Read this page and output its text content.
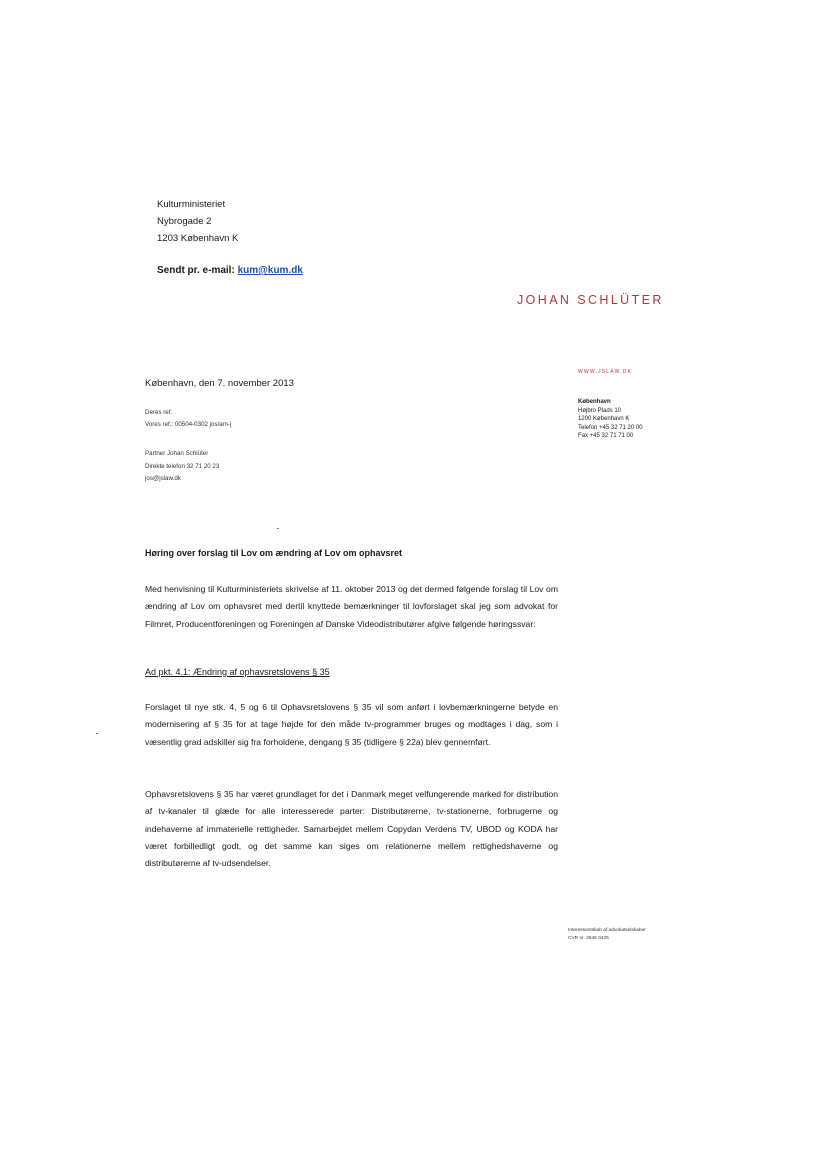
Kulturministeriet
Nybrogade 2
1203 København K
Sendt pr. e-mail: kum@kum.dk
JOHAN SCHLÜTER
WWW.JSLAW.DK
København
Højbro Plads 10
1200 København K
Telefon +45 32 71 20 00
Fax +45 32 71 71 00
København, den 7. november 2013
Deres ref.
Vores ref.: 00504-0302 jos/am-j
Partner Johan Schlüter
Direkte telefon 32 71 20 23
jos@jslaw.dk
Høring over forslag til Lov om ændring af Lov om ophavsret
Med henvisning til Kulturministeriets skrivelse af 11. oktober 2013 og det dermed følgende forslag til Lov om ændring af Lov om ophavsret med dertil knyttede bemærkninger til lovforslaget skal jeg som advokat for Filmret, Producentforeningen og Foreningen af Danske Videodistributører afgive følgende høringssvar:
Ad pkt. 4.1: Ændring af ophavsretslovens § 35
Forslaget til nye stk. 4, 5 og 6 til Ophavsretslovens § 35 vil som anført i lovbemærkningerne betyde en modernisering af § 35 for at tage højde for den måde tv-programmer bruges og modtages i dag, som i væsentlig grad adskiller sig fra forholdene, dengang § 35 (tidligere § 22a) blev gennemført.
Ophavsretslovens § 35 har været grundlaget for det i Danmark meget velfungerende marked for distribution af tv-kanaler til glæde for alle interesserede parter: Distributørerne, tv-stationerne, forbrugerne og indehaverne af immaterielle rettigheder. Samarbejdet mellem Copydan Verdens TV, UBOD og KODA har været forbilledligt godt, og det samme kan siges om relationerne mellem rettighedshaverne og distributørerne af tv-udsendelser.
Interessentskab af advokatselskaber
CVR nr. 2646 0425
